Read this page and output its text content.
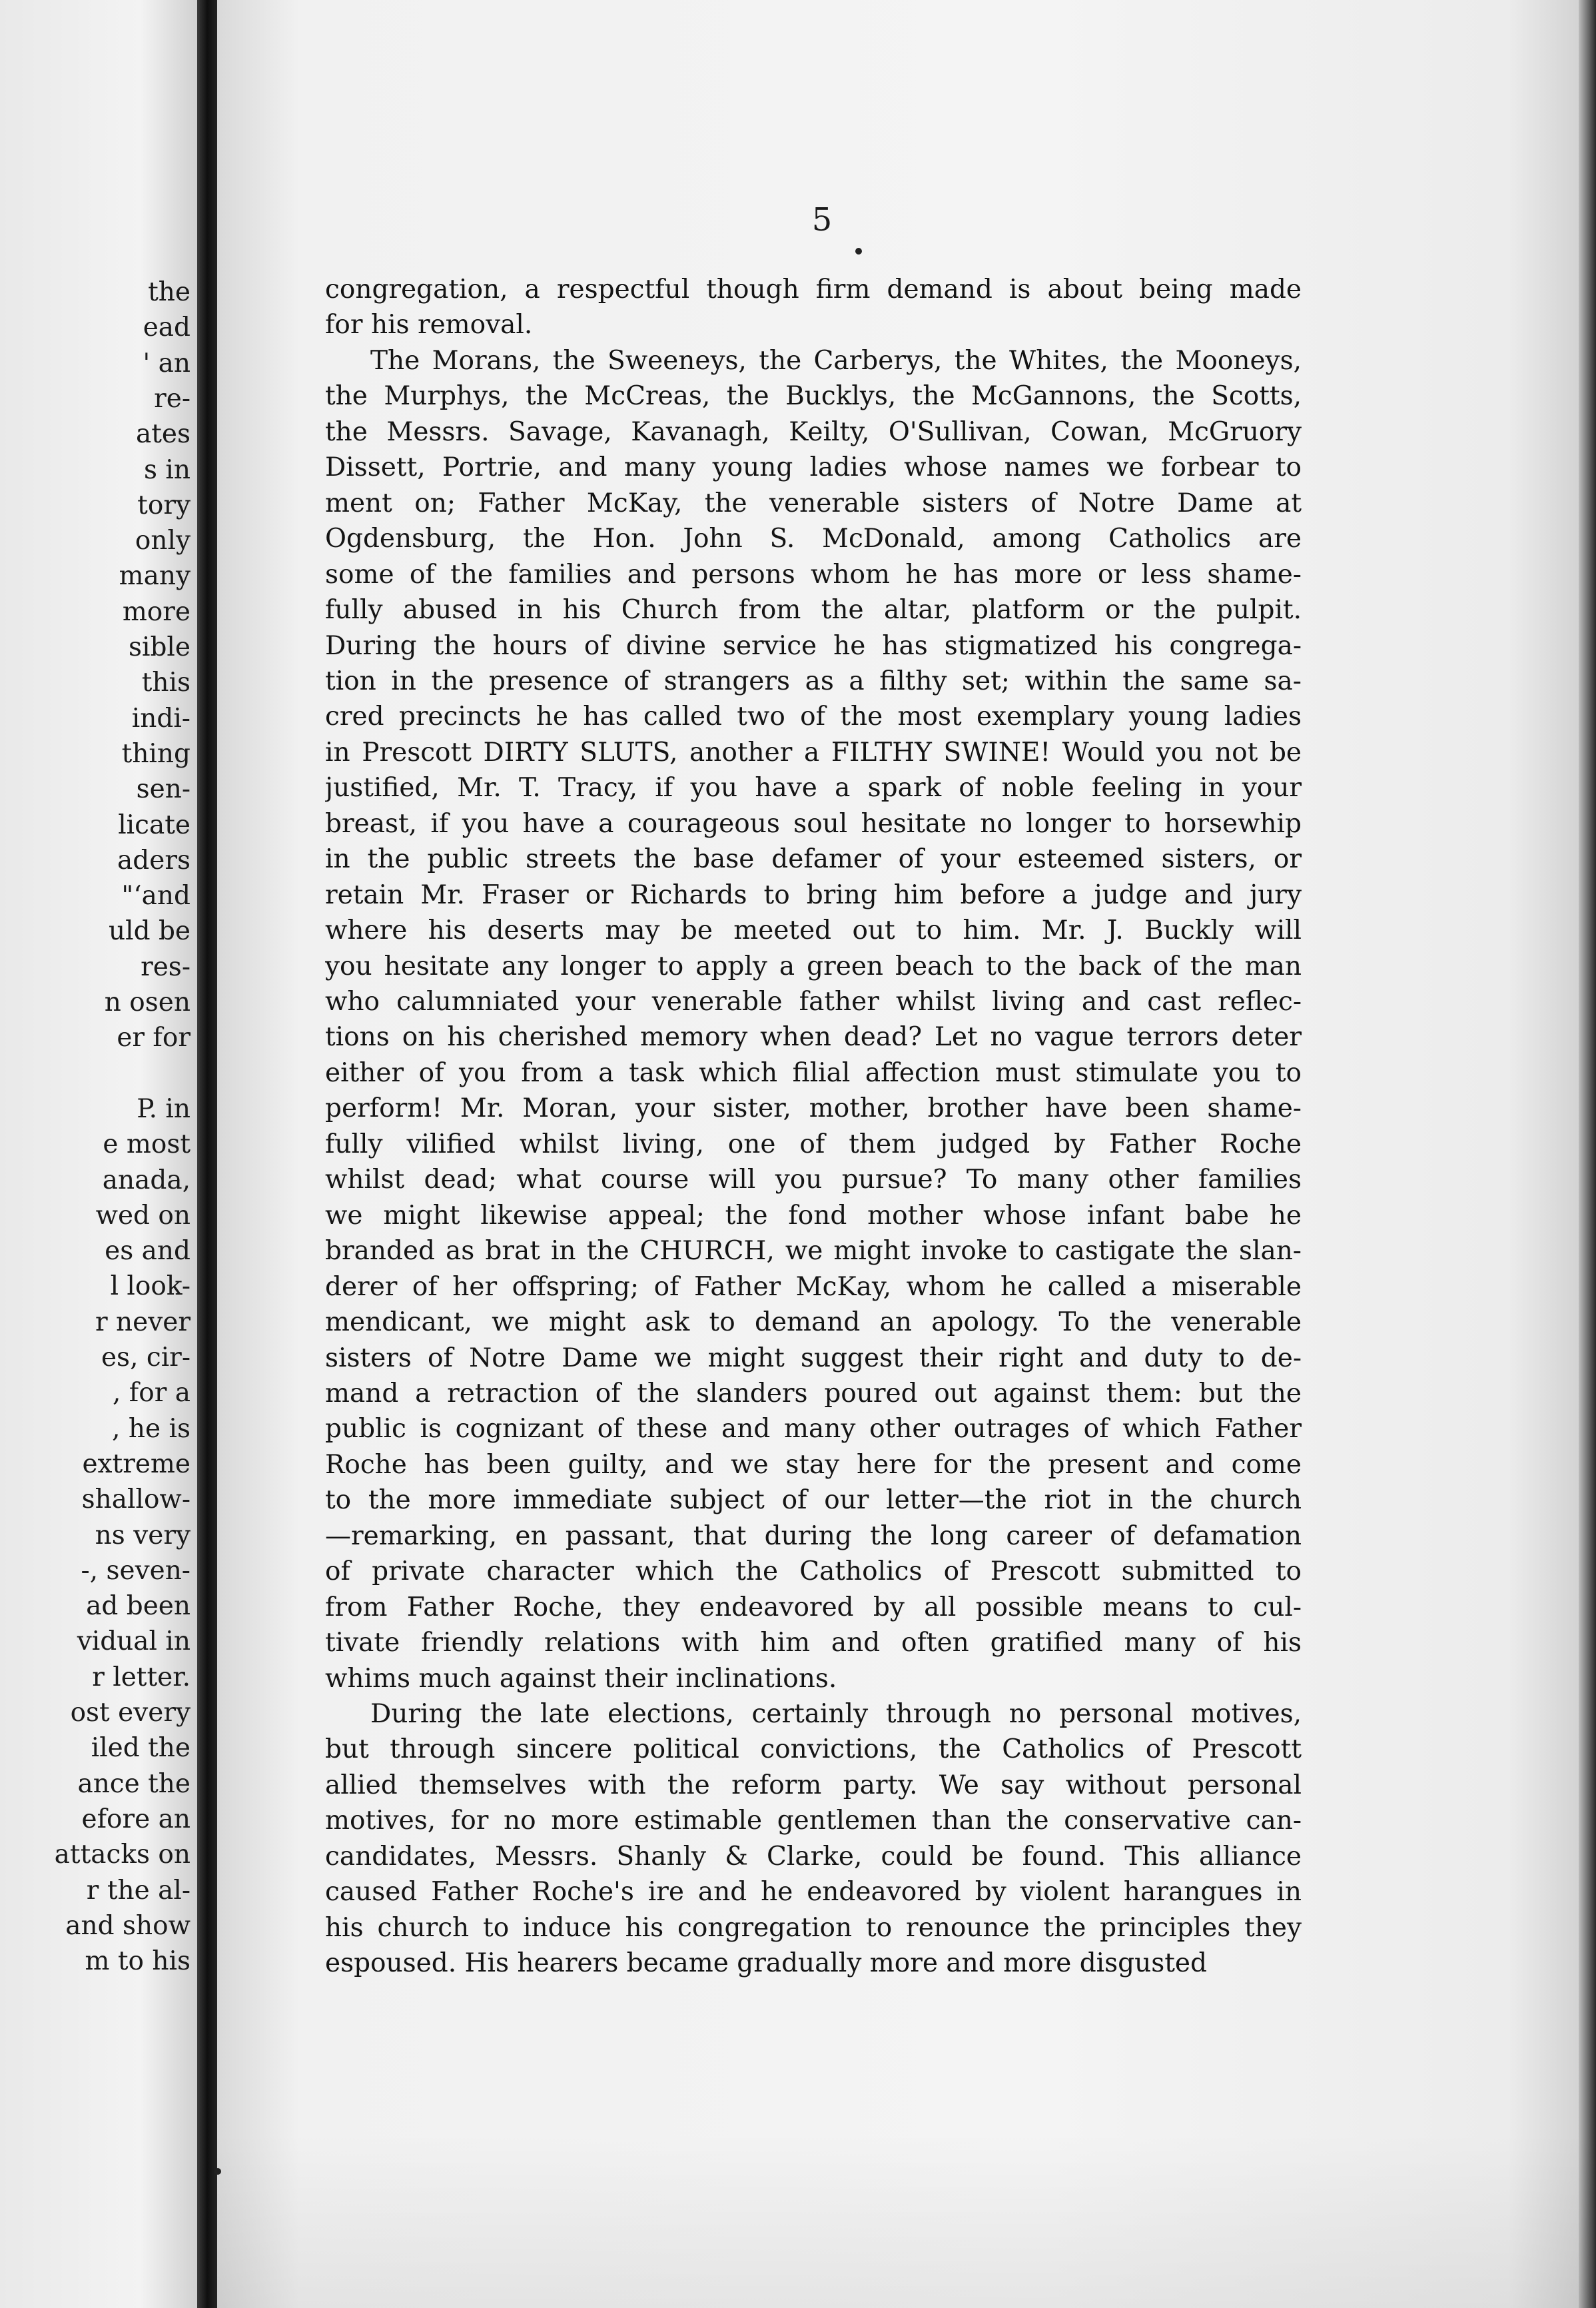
the
ead
' an
re-
ates
s in
tory
only
many
more
sible
this
indi-
thing
sen-
licate
aders
"‘and
uld be
res-
n osen
er for
P. in
e most
anada,
wed on
es and
l look-
r never
es, cir-
, for a
, he is
extreme
shallow-
ns very
-, seven-
ad been
vidual in
r letter.
ost every
iled the
ance the
efore an
attacks on
r the al-
and show
m to his
5
congregation, a respectful though firm demand is about being made
for his removal.
The Morans, the Sweeneys, the Carberys, the Whites, the Mooneys,
the Murphys, the McCreas, the Bucklys, the McGannons, the Scotts,
the Messrs. Savage, Kavanagh, Keilty, O'Sullivan, Cowan, McGruory
Dissett, Portrie, and many young ladies whose names we forbear to
ment on; Father McKay, the venerable sisters of Notre Dame at
Ogdensburg, the Hon. John S. McDonald, among Catholics are
some of the families and persons whom he has more or less shame-
fully abused in his Church from the altar, platform or the pulpit.
During the hours of divine service he has stigmatized his congrega-
tion in the presence of strangers as a filthy set; within the same sa-
cred precincts he has called two of the most exemplary young ladies
in Prescott DIRTY SLUTS, another a FILTHY SWINE! Would you not be
justified, Mr. T. Tracy, if you have a spark of noble feeling in your
breast, if you have a courageous soul hesitate no longer to horsewhip
in the public streets the base defamer of your esteemed sisters, or
retain Mr. Fraser or Richards to bring him before a judge and jury
where his deserts may be meeted out to him. Mr. J. Buckly will
you hesitate any longer to apply a green beach to the back of the man
who calumniated your venerable father whilst living and cast reflec-
tions on his cherished memory when dead? Let no vague terrors deter
either of you from a task which filial affection must stimulate you to
perform! Mr. Moran, your sister, mother, brother have been shame-
fully vilified whilst living, one of them judged by Father Roche
whilst dead; what course will you pursue? To many other families
we might likewise appeal; the fond mother whose infant babe he
branded as brat in the CHURCH, we might invoke to castigate the slan-
derer of her offspring; of Father McKay, whom he called a miserable
mendicant, we might ask to demand an apology. To the venerable
sisters of Notre Dame we might suggest their right and duty to de-
mand a retraction of the slanders poured out against them: but the
public is cognizant of these and many other outrages of which Father
Roche has been guilty, and we stay here for the present and come
to the more immediate subject of our letter—the riot in the church
—remarking, en passant, that during the long career of defamation
of private character which the Catholics of Prescott submitted to
from Father Roche, they endeavored by all possible means to cul-
tivate friendly relations with him and often gratified many of his
whims much against their inclinations.
During the late elections, certainly through no personal motives,
but through sincere political convictions, the Catholics of Prescott
allied themselves with the reform party. We say without personal
motives, for no more estimable gentlemen than the conservative can-
candidates, Messrs. Shanly & Clarke, could be found. This alliance
caused Father Roche's ire and he endeavored by violent harangues in
his church to induce his congregation to renounce the principles they
espoused. His hearers became gradually more and more disgusted
